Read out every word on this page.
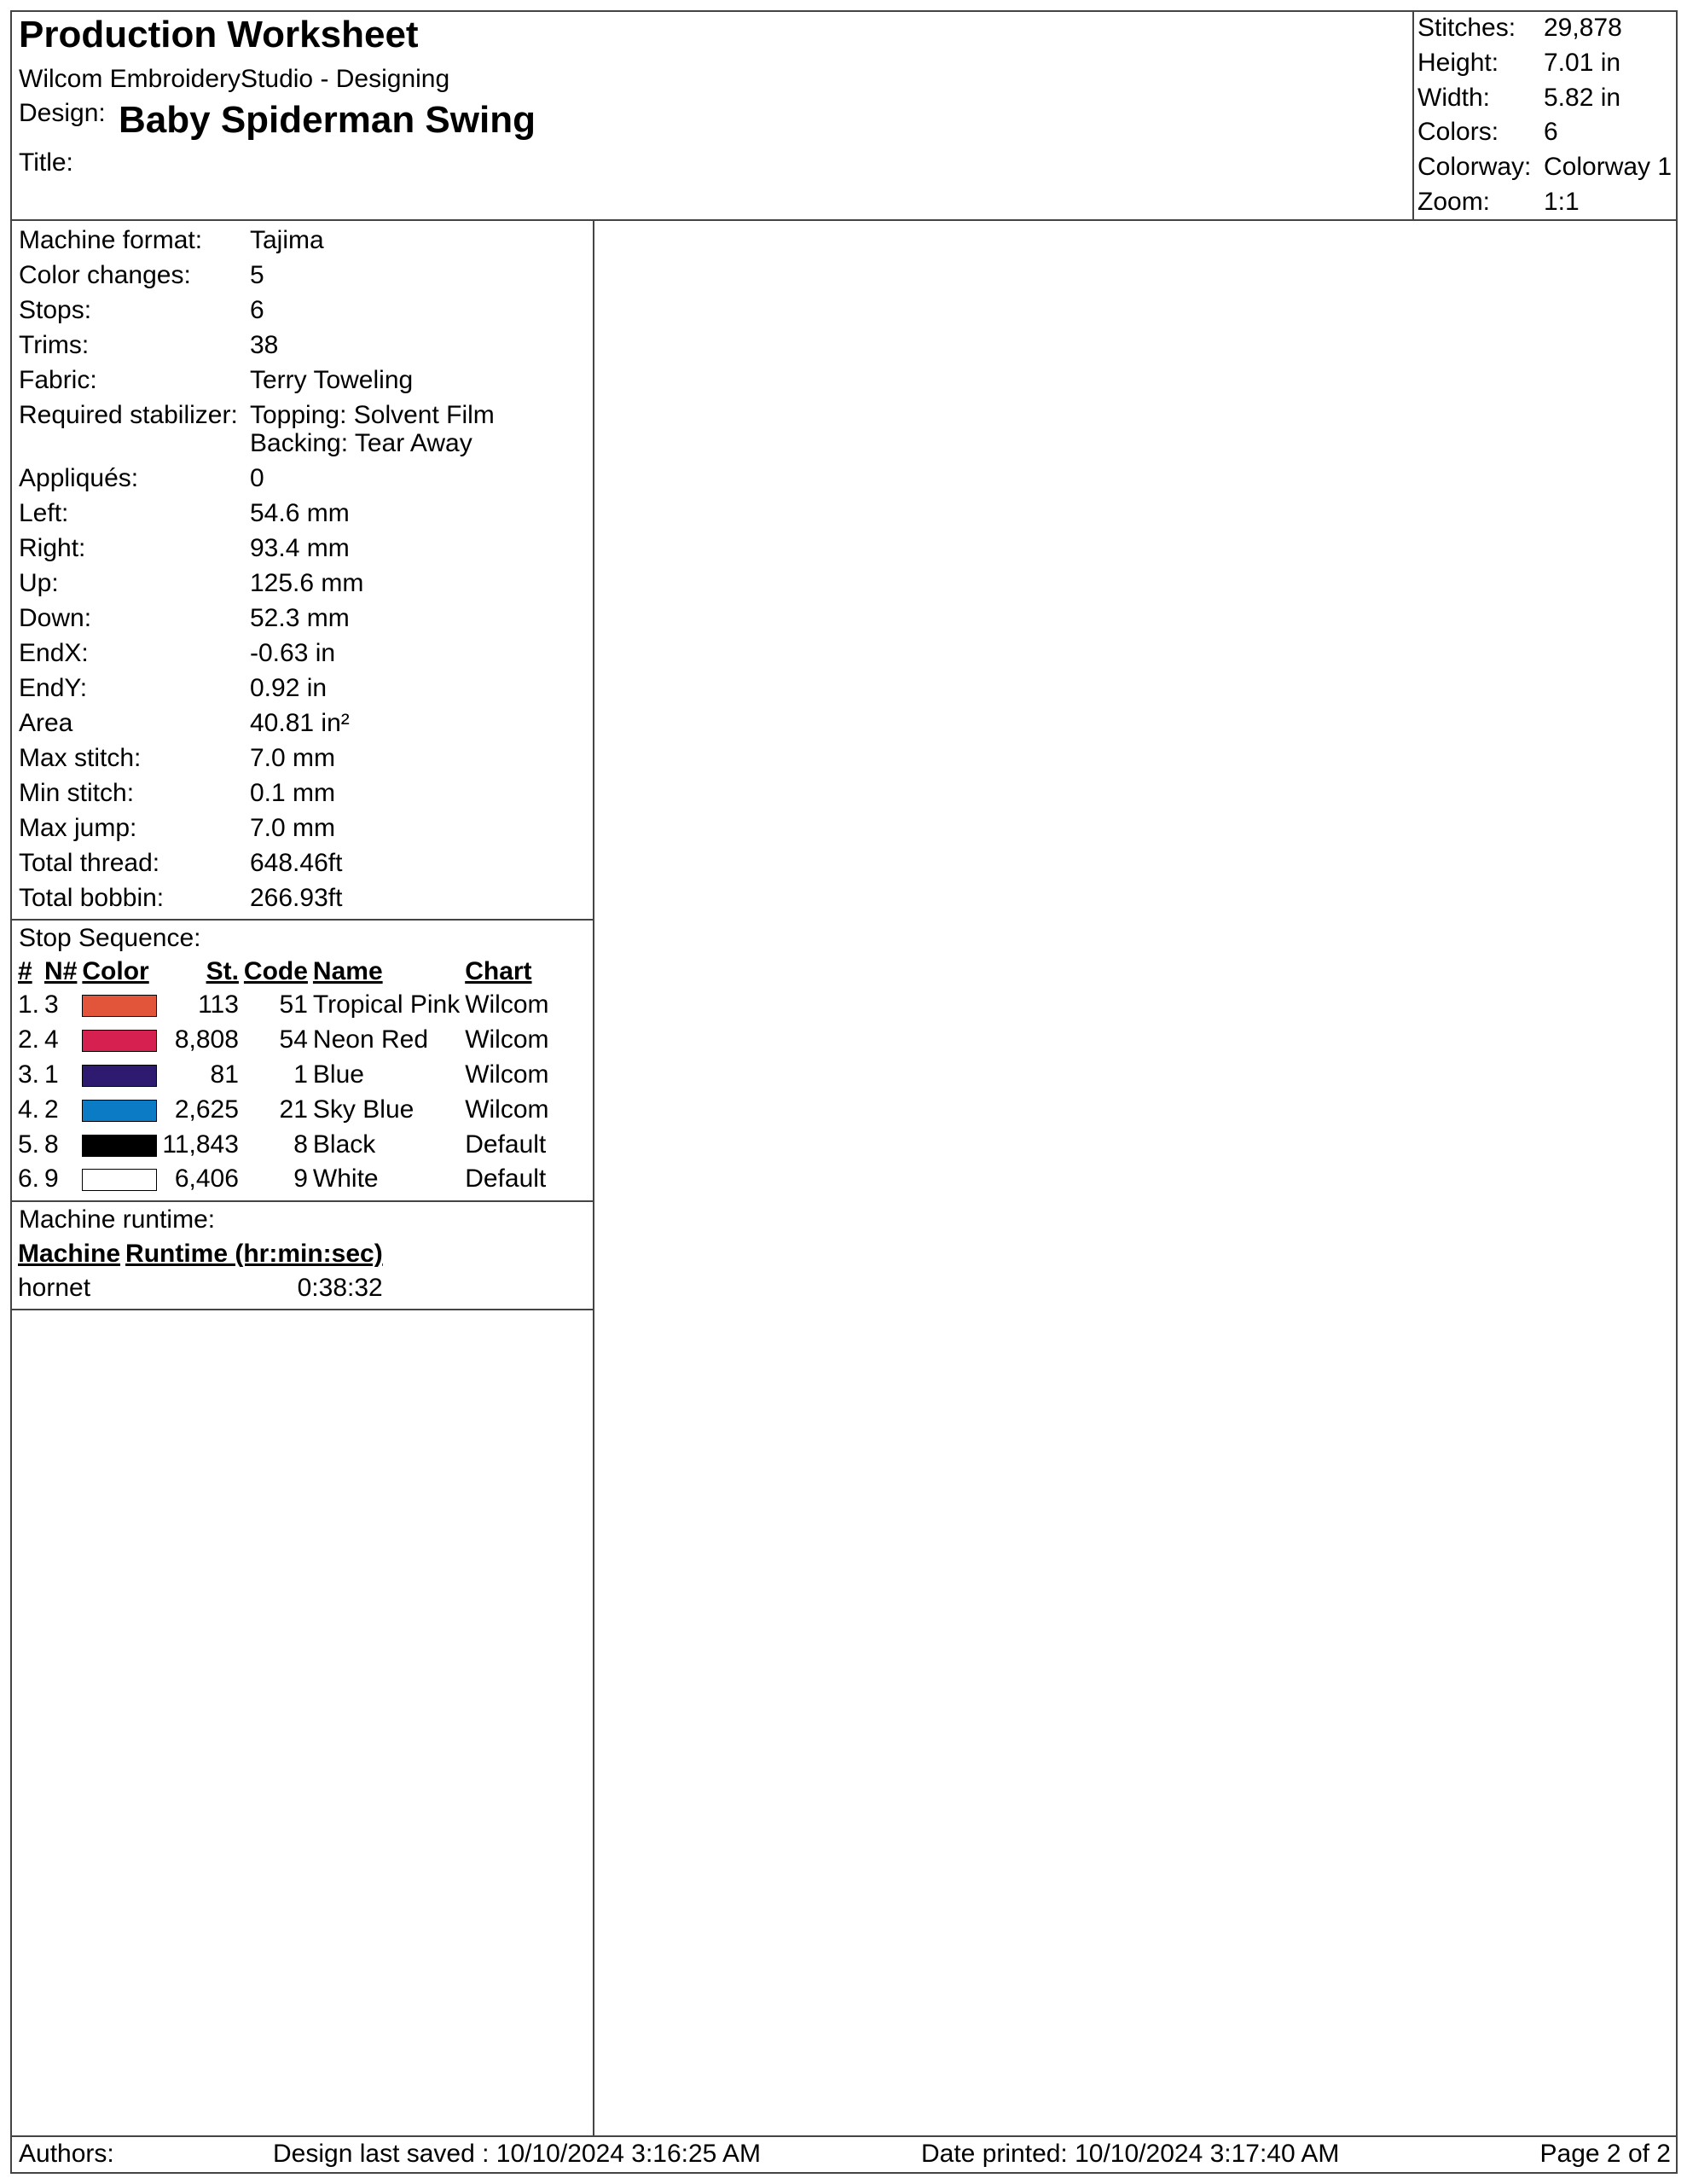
Production Worksheet
Wilcom EmbroideryStudio - Designing
Design: Baby Spiderman Swing
Title:
Stitches: 29,878
Height: 7.01 in
Width: 5.82 in
Colors: 6
Colorway: Colorway 1
Zoom: 1:1
Machine format:	Tajima
Color changes:	5
Stops:	6
Trims:	38
Fabric:	Terry Toweling
Required stabilizer: Topping: Solvent Film
Backing: Tear Away
Appliqués:	0
Left:	54.6 mm
Right:	93.4 mm
Up:	125.6 mm
Down:	52.3 mm
EndX:	-0.63 in
EndY:	0.92 in
Area	40.81 in²
Max stitch:	7.0 mm
Min stitch:	0.1 mm
Max jump:	7.0 mm
Total thread:	648.46ft
Total bobbin:	266.93ft
Stop Sequence:
#	N#	Color	St.	Code	Name	Chart
1.	3		113	51	Tropical Pink	Wilcom
2.	4		8,808	54	Neon Red	Wilcom
3.	1		81	1	Blue	Wilcom
4.	2		2,625	21	Sky Blue	Wilcom
5.	8		11,843	8	Black	Default
6.	9		6,406	9	White	Default
Machine runtime:
Machine	Runtime (hr:min:sec)
hornet	0:38:32
Authors:	Design last saved : 10/10/2024 3:16:25 AM	Date printed: 10/10/2024 3:17:40 AM	Page 2 of 2
